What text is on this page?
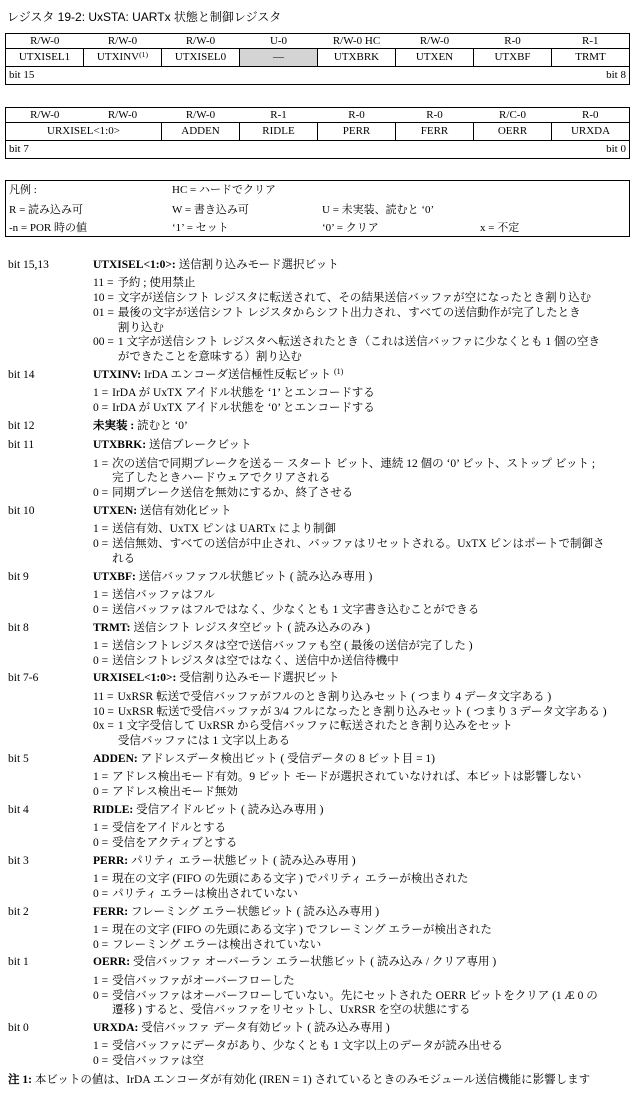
レジスタ 19-2: UxSTA: UARTx 状態と制御レジスタ
R/W-0	R/W-0	R/W-0	U-0	R/W-0 HC	R/W-0	R-0	R-1
UTXISEL1	UTXINV$^{(1)}$	UTXISEL0	—	UTXBRK	UTXEN	UTXBF	TRMT

bit 15 bit 8							
R/W-0	R/W-0	R/W-0	R-1	R-0	R-0	R/C-0	R-0
URXISEL<1:0>		ADDEN	RIDLE	PERR	FERR	OERR	URXDA

bit 7 bit 0							
凡例 :	HC = ハードでクリア
R = 読み込み可	W = 書き込み可	U = 未実装、読むと ‘0’
-n = POR 時の値	‘1’ = セット	‘0’ = クリア	x = 不定
bit 15,13	UTXISEL<1:0>: 送信割り込みモード選択ビット
11 = 予約 ; 使用禁止
10 = 文字が送信シフト レジスタに転送されて、その結果送信バッファが空になったとき割り込む
01 = 最後の文字が送信シフト レジスタからシフト出力され、すべての送信動作が完了したとき
割り込む
00 = 1 文字が送信シフト レジスタへ転送されたとき（これは送信バッファに少なくとも 1 個の空き
ができたことを意味する）割り込む
bit 14	UTXINV: IrDA エンコーダ送信極性反転ビット $^{(1)}$
1 = IrDA が UxTX アイドル状態を ‘1’ とエンコードする
0 = IrDA が UxTX アイドル状態を ‘0’ とエンコードする
bit 12	未実装 : 読むと ‘0’
bit 11	UTXBRK: 送信ブレークビット
1 = 次の送信で同期ブレークを送る－ スタート ビット、連続 12 個の ‘0’ ビット、ストップ ビット ;
完了したときハードウェアでクリアされる
0 = 同期ブレーク送信を無効にするか、終了させる
bit 10	UTXEN: 送信有効化ビット
1 = 送信有効、UxTX ピンは UARTx により制御
0 = 送信無効、すべての送信が中止され、バッファはリセットされる。UxTX ピンはポートで制御さ
れる
bit 9	UTXBF: 送信バッファフル状態ビット ( 読み込み専用 )
1 = 送信バッファはフル
0 = 送信バッファはフルではなく、少なくとも 1 文字書き込むことができる
bit 8	TRMT: 送信シフト レジスタ空ビット ( 読み込みのみ )
1 = 送信シフトレジスタは空で送信バッファも空 ( 最後の送信が完了した )
0 = 送信シフトレジスタは空ではなく、送信中か送信待機中
bit 7-6	URXISEL<1:0>: 受信割り込みモード選択ビット
11 = UxRSR 転送で受信バッファがフルのとき割り込みセット ( つまり 4 データ文字ある )
10 = UxRSR 転送で受信バッファが 3/4 フルになったとき割り込みセット ( つまり 3 データ文字ある )
0x = 1 文字受信して UxRSR から受信バッファに転送されたとき割り込みをセット
受信バッファには 1 文字以上ある
bit 5	ADDEN: アドレスデータ検出ビット ( 受信データの 8 ビット目 = 1)
1 = アドレス検出モード有効。9 ビット モードが選択されていなければ、本ビットは影響しない
0 = アドレス検出モード無効
bit 4	RIDLE: 受信アイドルビット ( 読み込み専用 )
1 = 受信をアイドルとする
0 = 受信をアクティブとする
bit 3	PERR: パリティ エラー状態ビット ( 読み込み専用 )
1 = 現在の文字 (FIFO の先頭にある文字 ) でパリティ エラーが検出された
0 = パリティ エラーは検出されていない
bit 2	FERR: フレーミング エラー状態ビット ( 読み込み専用 )
1 = 現在の文字 (FIFO の先頭にある文字 ) でフレーミング エラーが検出された
0 = フレーミング エラーは検出されていない
bit 1	OERR: 受信バッファ オーバーラン エラー状態ビット ( 読み込み / クリア専用 )
1 = 受信バッファがオーバーフローした
0 = 受信バッファはオーバーフローしていない。先にセットされた OERR ビットをクリア (1 Æ 0 の
遷移 ) すると、受信バッファをリセットし、UxRSR を空の状態にする
bit 0	URXDA: 受信バッファ データ有効ビット ( 読み込み専用 )
1 = 受信バッファにデータがあり、少なくとも 1 文字以上のデータが読み出せる
0 = 受信バッファは空
注 1: 本ビットの値は、IrDA エンコーダが有効化 (IREN = 1) されているときのみモジュール送信機能に影響します
